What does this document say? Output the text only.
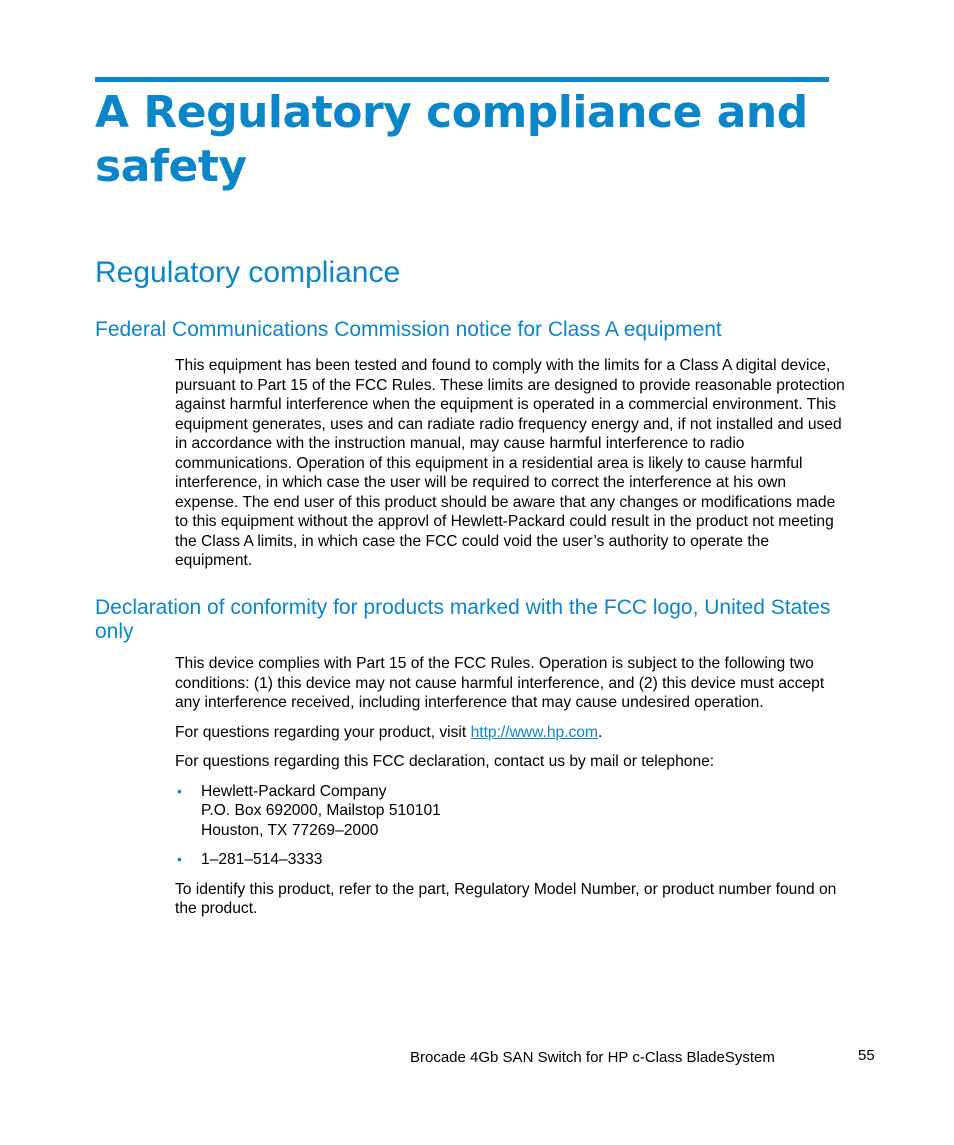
A Regulatory compliance and safety
Regulatory compliance
Federal Communications Commission notice for Class A equipment

This equipment has been tested and found to comply with the limits for a Class A digital device, pursuant to Part 15 of the FCC Rules. These limits are designed to provide reasonable protection against harmful interference when the equipment is operated in a commercial environment. This equipment generates, uses and can radiate radio frequency energy and, if not installed and used in accordance with the instruction manual, may cause harmful interference to radio communications. Operation of this equipment in a residential area is likely to cause harmful interference, in which case the user will be required to correct the interference at his own expense. The end user of this product should be aware that any changes or modifications made to this equipment without the approvl of Hewlett-Packard could result in the product not meeting the Class A limits, in which case the FCC could void the user’s authority to operate the equipment.

Declaration of conformity for products marked with the FCC logo, United States only

This device complies with Part 15 of the FCC Rules. Operation is subject to the following two conditions: (1) this device may not cause harmful interference, and (2) this device must accept any interference received, including interference that may cause undesired operation.

For questions regarding your product, visit http://www.hp.com.

For questions regarding this FCC declaration, contact us by mail or telephone:

• Hewlett-Packard Company
P.O. Box 692000, Mailstop 510101
Houston, TX 77269–2000
• 1–281–514–3333

To identify this product, refer to the part, Regulatory Model Number, or product number found on the product.

Brocade 4Gb SAN Switch for HP c-Class BladeSystem	55
